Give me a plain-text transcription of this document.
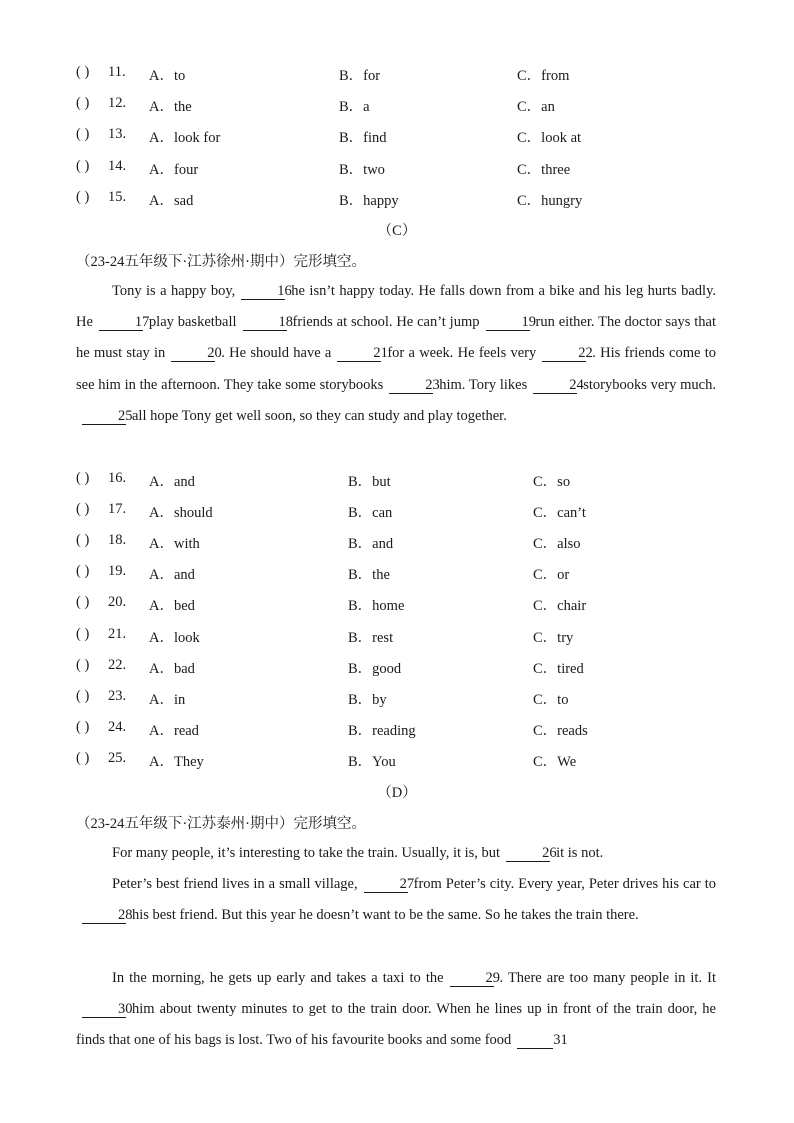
( ) 11. A．to	B．for	C．from
( ) 12. A．the	B．a	C．an
( ) 13. A．look for	B．find	C．look at
( ) 14. A．four	B．two	C．three
( ) 15. A．sad	B．happy	C．hungry
（C）
（23-24五年级下·江苏徐州·期中）完形填空。
Tony is a happy boy,	16he isn’t happy today. He falls down from a bike and his leg hurts badly. He	17play basketball	18friends at school. He can’t jump	19run either. The doctor says that he must stay in	20. He should have a	21for a week. He feels very	22. His friends come to see him in the afternoon. They take some storybooks	23him. Tory likes	24storybooks very much.25all hope Tony get well soon, so they can study and play together.
( ) 16. A．and	B．but	C．so
( ) 17. A．should	B．can	C．can’t
( ) 18. A．with	B．and	C．also
( ) 19. A．and	B．the	C．or
( ) 20. A．bed	B．home	C．chair
( ) 21. A．look	B．rest	C．try
( ) 22. A．bad	B．good	C．tired
( ) 23. A．in	B．by	C．to
( ) 24. A．read	B．reading	C．reads
( ) 25. A．They	B．You	C．We
（D）
（23-24五年级下·江苏泰州·期中）完形填空。
For many people, it’s interesting to take the train. Usually, it is, but	26it is not.
Peter’s best friend lives in a small village,	27from Peter’s city. Every year, Peter drives his car to28his best friend. But this year he doesn’t want to be the same. So he takes the train there.
In the morning, he gets up early and takes a taxi to the	29. There are too many people in it. It30him about twenty minutes to get to the train door. When he lines up in front of the train door, he finds that one of his bags is lost. Two of his favourite books and some food	31
